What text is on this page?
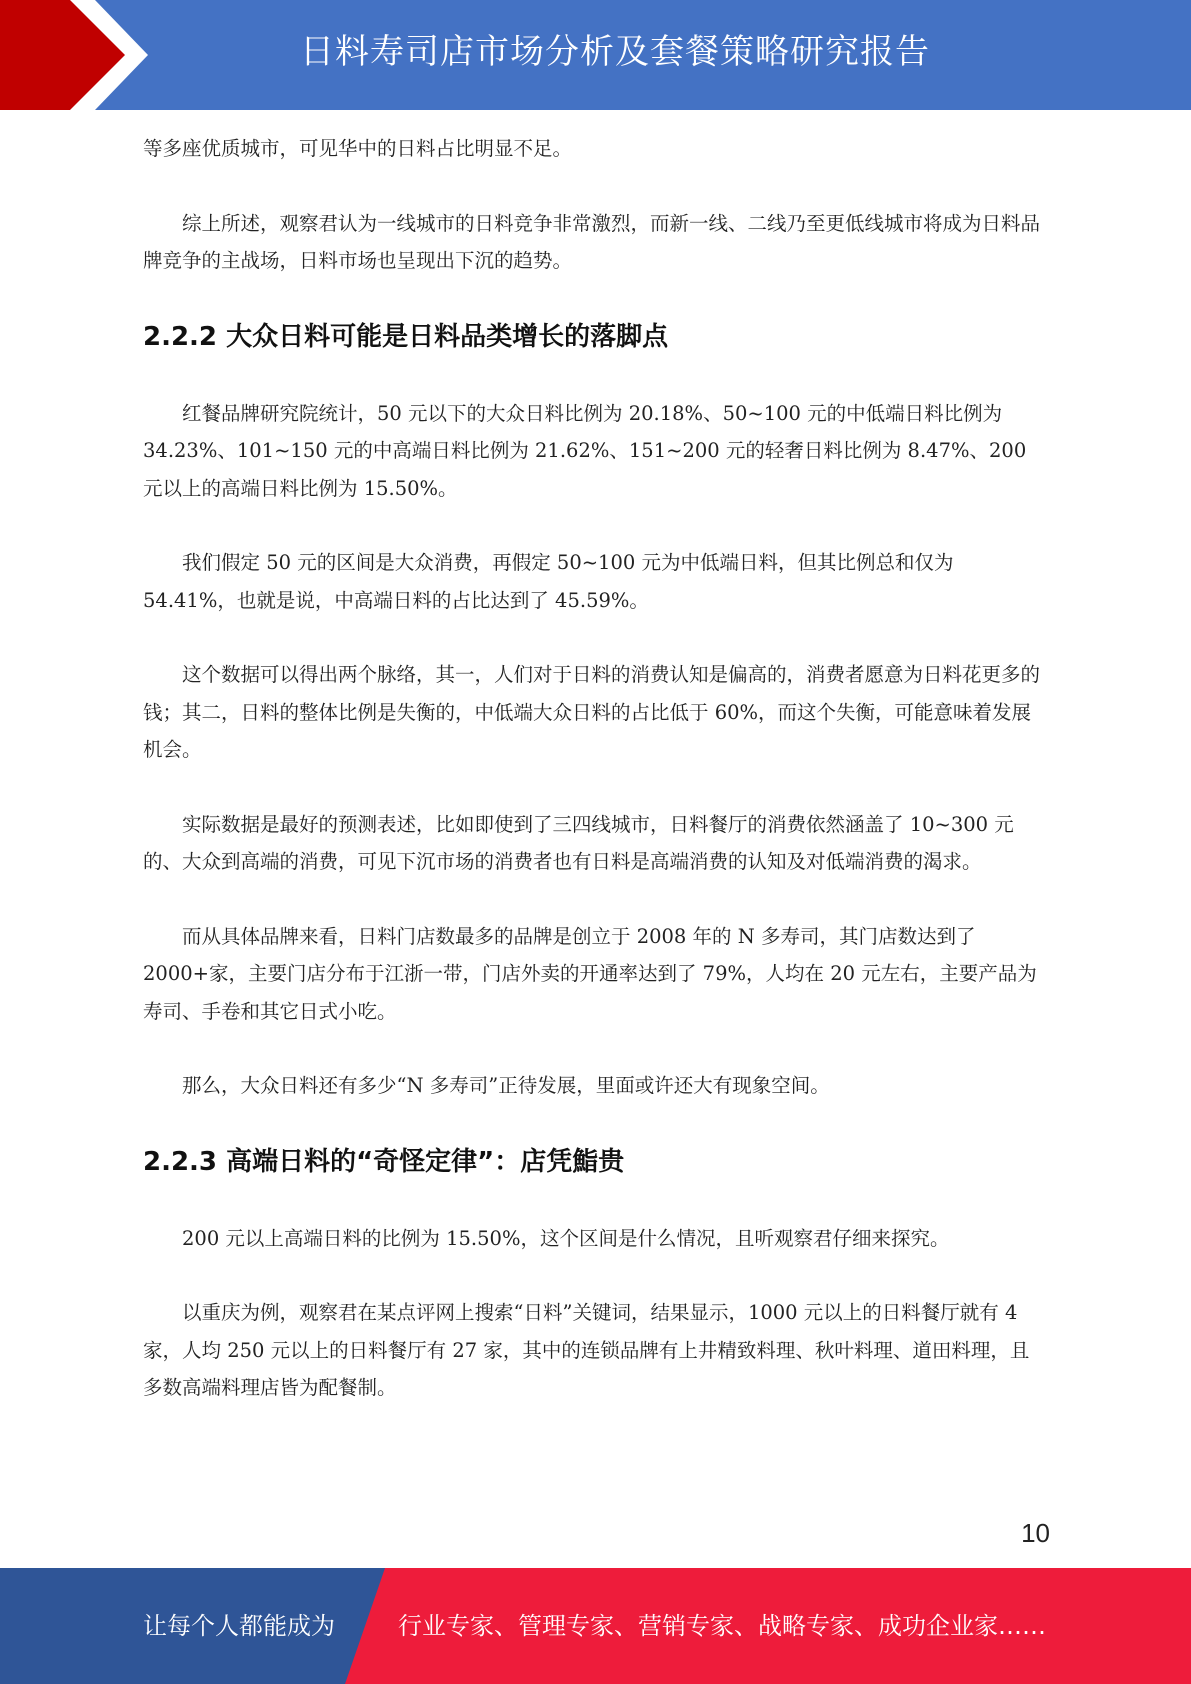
日料寿司店市场分析及套餐策略研究报告

等多座优质城市，可见华中的日料占比明显不足。

综上所述，观察君认为一线城市的日料竞争非常激烈，而新一线、二线乃至更低线城市将成为日料品牌竞争的主战场，日料市场也呈现出下沉的趋势。

2.2.2 大众日料可能是日料品类增长的落脚点

红餐品牌研究院统计，50 元以下的大众日料比例为 20.18%、50~100 元的中低端日料比例为 34.23%、101~150 元的中高端日料比例为 21.62%、151~200 元的轻奢日料比例为 8.47%、200 元以上的高端日料比例为 15.50%。

我们假定 50 元的区间是大众消费，再假定 50~100 元为中低端日料，但其比例总和仅为 54.41%，也就是说，中高端日料的占比达到了 45.59%。

这个数据可以得出两个脉络，其一，人们对于日料的消费认知是偏高的，消费者愿意为日料花更多的钱；其二，日料的整体比例是失衡的，中低端大众日料的占比低于 60%，而这个失衡，可能意味着发展机会。

实际数据是最好的预测表述，比如即使到了三四线城市，日料餐厅的消费依然涵盖了 10~300 元的、大众到高端的消费，可见下沉市场的消费者也有日料是高端消费的认知及对低端消费的渴求。

而从具体品牌来看，日料门店数最多的品牌是创立于 2008 年的 N 多寿司，其门店数达到了 2000+家，主要门店分布于江浙一带，门店外卖的开通率达到了 79%，人均在 20 元左右，主要产品为寿司、手卷和其它日式小吃。

那么，大众日料还有多少“N 多寿司”正待发展，里面或许还大有现象空间。

2.2.3 高端日料的“奇怪定律”：店凭鮨贵

200 元以上高端日料的比例为 15.50%，这个区间是什么情况，且听观察君仔细来探究。

以重庆为例，观察君在某点评网上搜索“日料”关键词，结果显示，1000 元以上的日料餐厅就有 4 家，人均 250 元以上的日料餐厅有 27 家，其中的连锁品牌有上井精致料理、秋叶料理、道田料理，且多数高端料理店皆为配餐制。

10
让每个人都能成为	行业专家、管理专家、营销专家、战略专家、成功企业家……
